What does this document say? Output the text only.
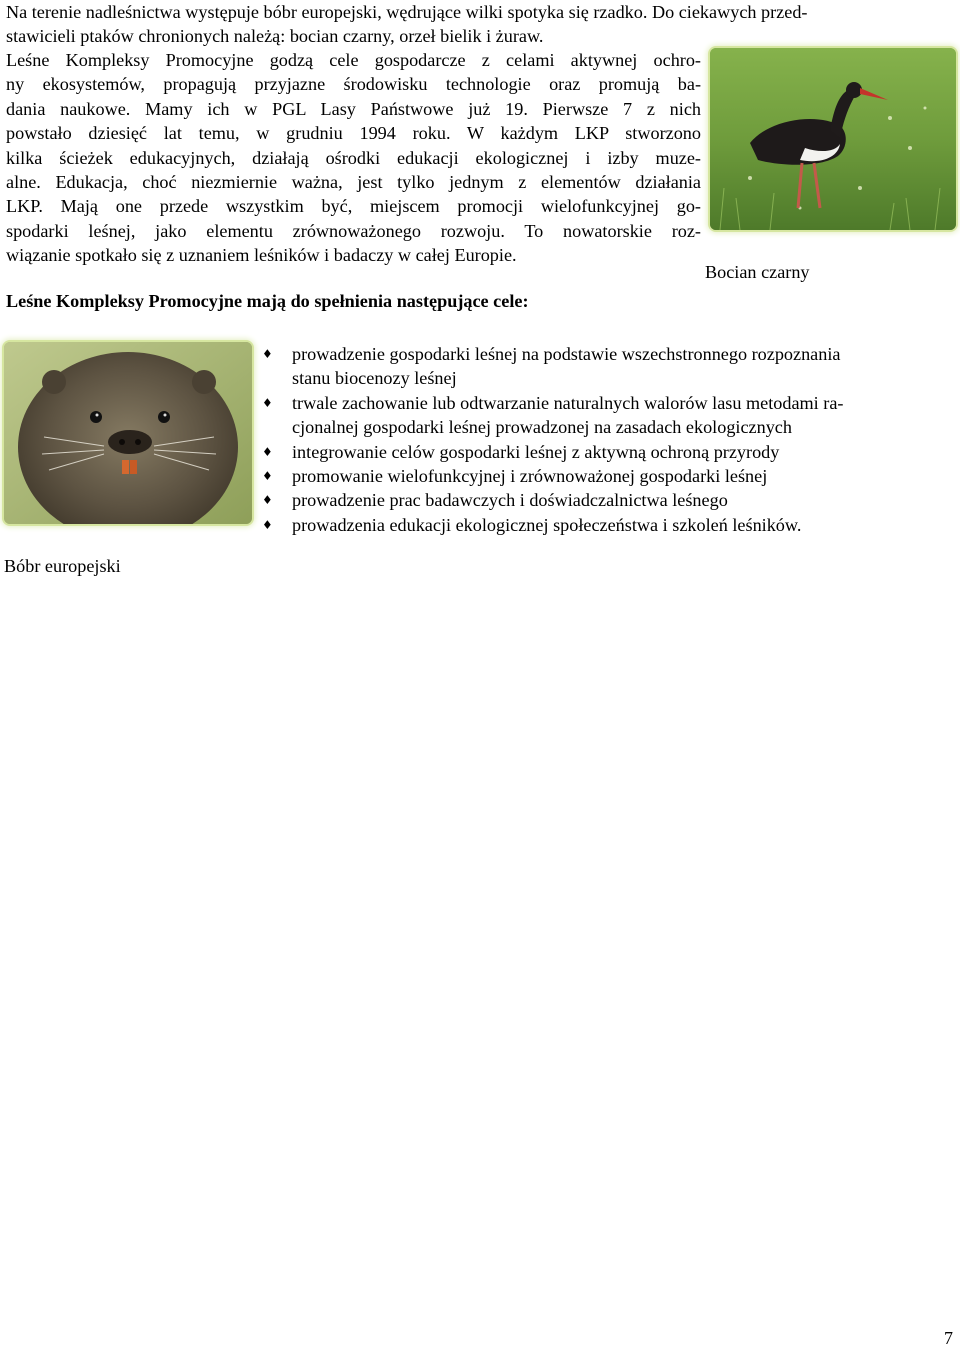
Na terenie nadleśnictwa występuje bóbr europejski, wędrujące wilki spotyka się rzadko. Do ciekawych przed-
stawicieli ptaków chronionych należą: bocian czarny, orzeł bielik i żuraw.
Leśne Kompleksy Promocyjne godzą cele gospodarcze z celami aktywnej ochro-
ny ekosystemów, propagują przyjazne środowisku technologie oraz promują ba-
dania naukowe. Mamy ich w PGL Lasy Państwowe już 19. Pierwsze 7 z nich
powstało dziesięć lat temu, w grudniu 1994 roku. W każdym LKP stworzono
kilka ścieżek edukacyjnych, działają ośrodki edukacji ekologicznej i izby muze-
alne. Edukacja, choć niezmiernie ważna, jest tylko jednym z elementów działania
LKP. Mają one przede wszystkim być, miejscem promocji wielofunkcyjnej go-
spodarki leśnej, jako elementu zrównoważonego rozwoju. To nowatorskie roz-
wiązanie spotkało się z uznaniem leśników i badaczy w całej Europie.
Bocian czarny
Leśne Kompleksy Promocyjne mają do spełnienia następujące cele:
Bóbr europejski
♦ prowadzenie gospodarki leśnej na podstawie wszechstronnego rozpoznania
stanu biocenozy leśnej
♦ trwale zachowanie lub odtwarzanie naturalnych walorów lasu metodami ra-
cjonalnej gospodarki leśnej prowadzonej na zasadach ekologicznych
♦ integrowanie celów gospodarki leśnej z aktywną ochroną przyrody
♦ promowanie wielofunkcyjnej i zrównoważonej gospodarki leśnej
♦ prowadzenie prac badawczych i doświadczalnictwa leśnego
♦ prowadzenia edukacji ekologicznej społeczeństwa i szkoleń leśników.
7
